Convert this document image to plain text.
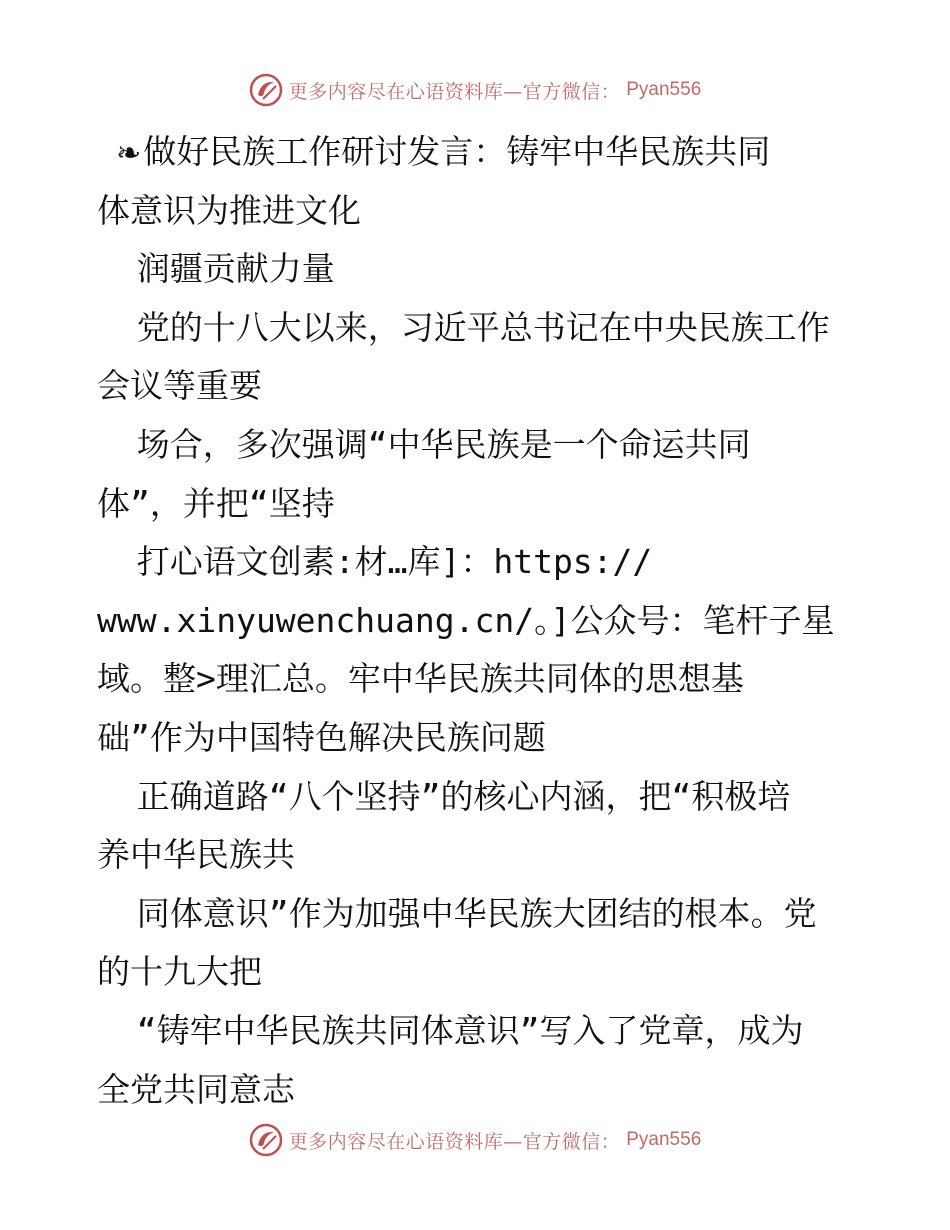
更多内容尽在心语资料库—官方微信： Pyan556
❧做好民族工作研讨发言：铸牢中华民族共同
体意识为推进文化
润疆贡献力量
党的十八大以来，习近平总书记在中央民族工作
会议等重要
场合，多次强调“中华民族是一个命运共同
体”，并把“坚持
打心语文创素:材…库]：https://
www.xinyuwenchuang.cn/。]公众号：笔杆子星
域。整>理汇总。牢中华民族共同体的思想基
础”作为中国特色解决民族问题
正确道路“八个坚持”的核心内涵，把“积极培
养中华民族共
同体意识”作为加强中华民族大团结的根本。党
的十九大把
“铸牢中华民族共同体意识”写入了党章，成为
全党共同意志
更多内容尽在心语资料库—官方微信： Pyan556
